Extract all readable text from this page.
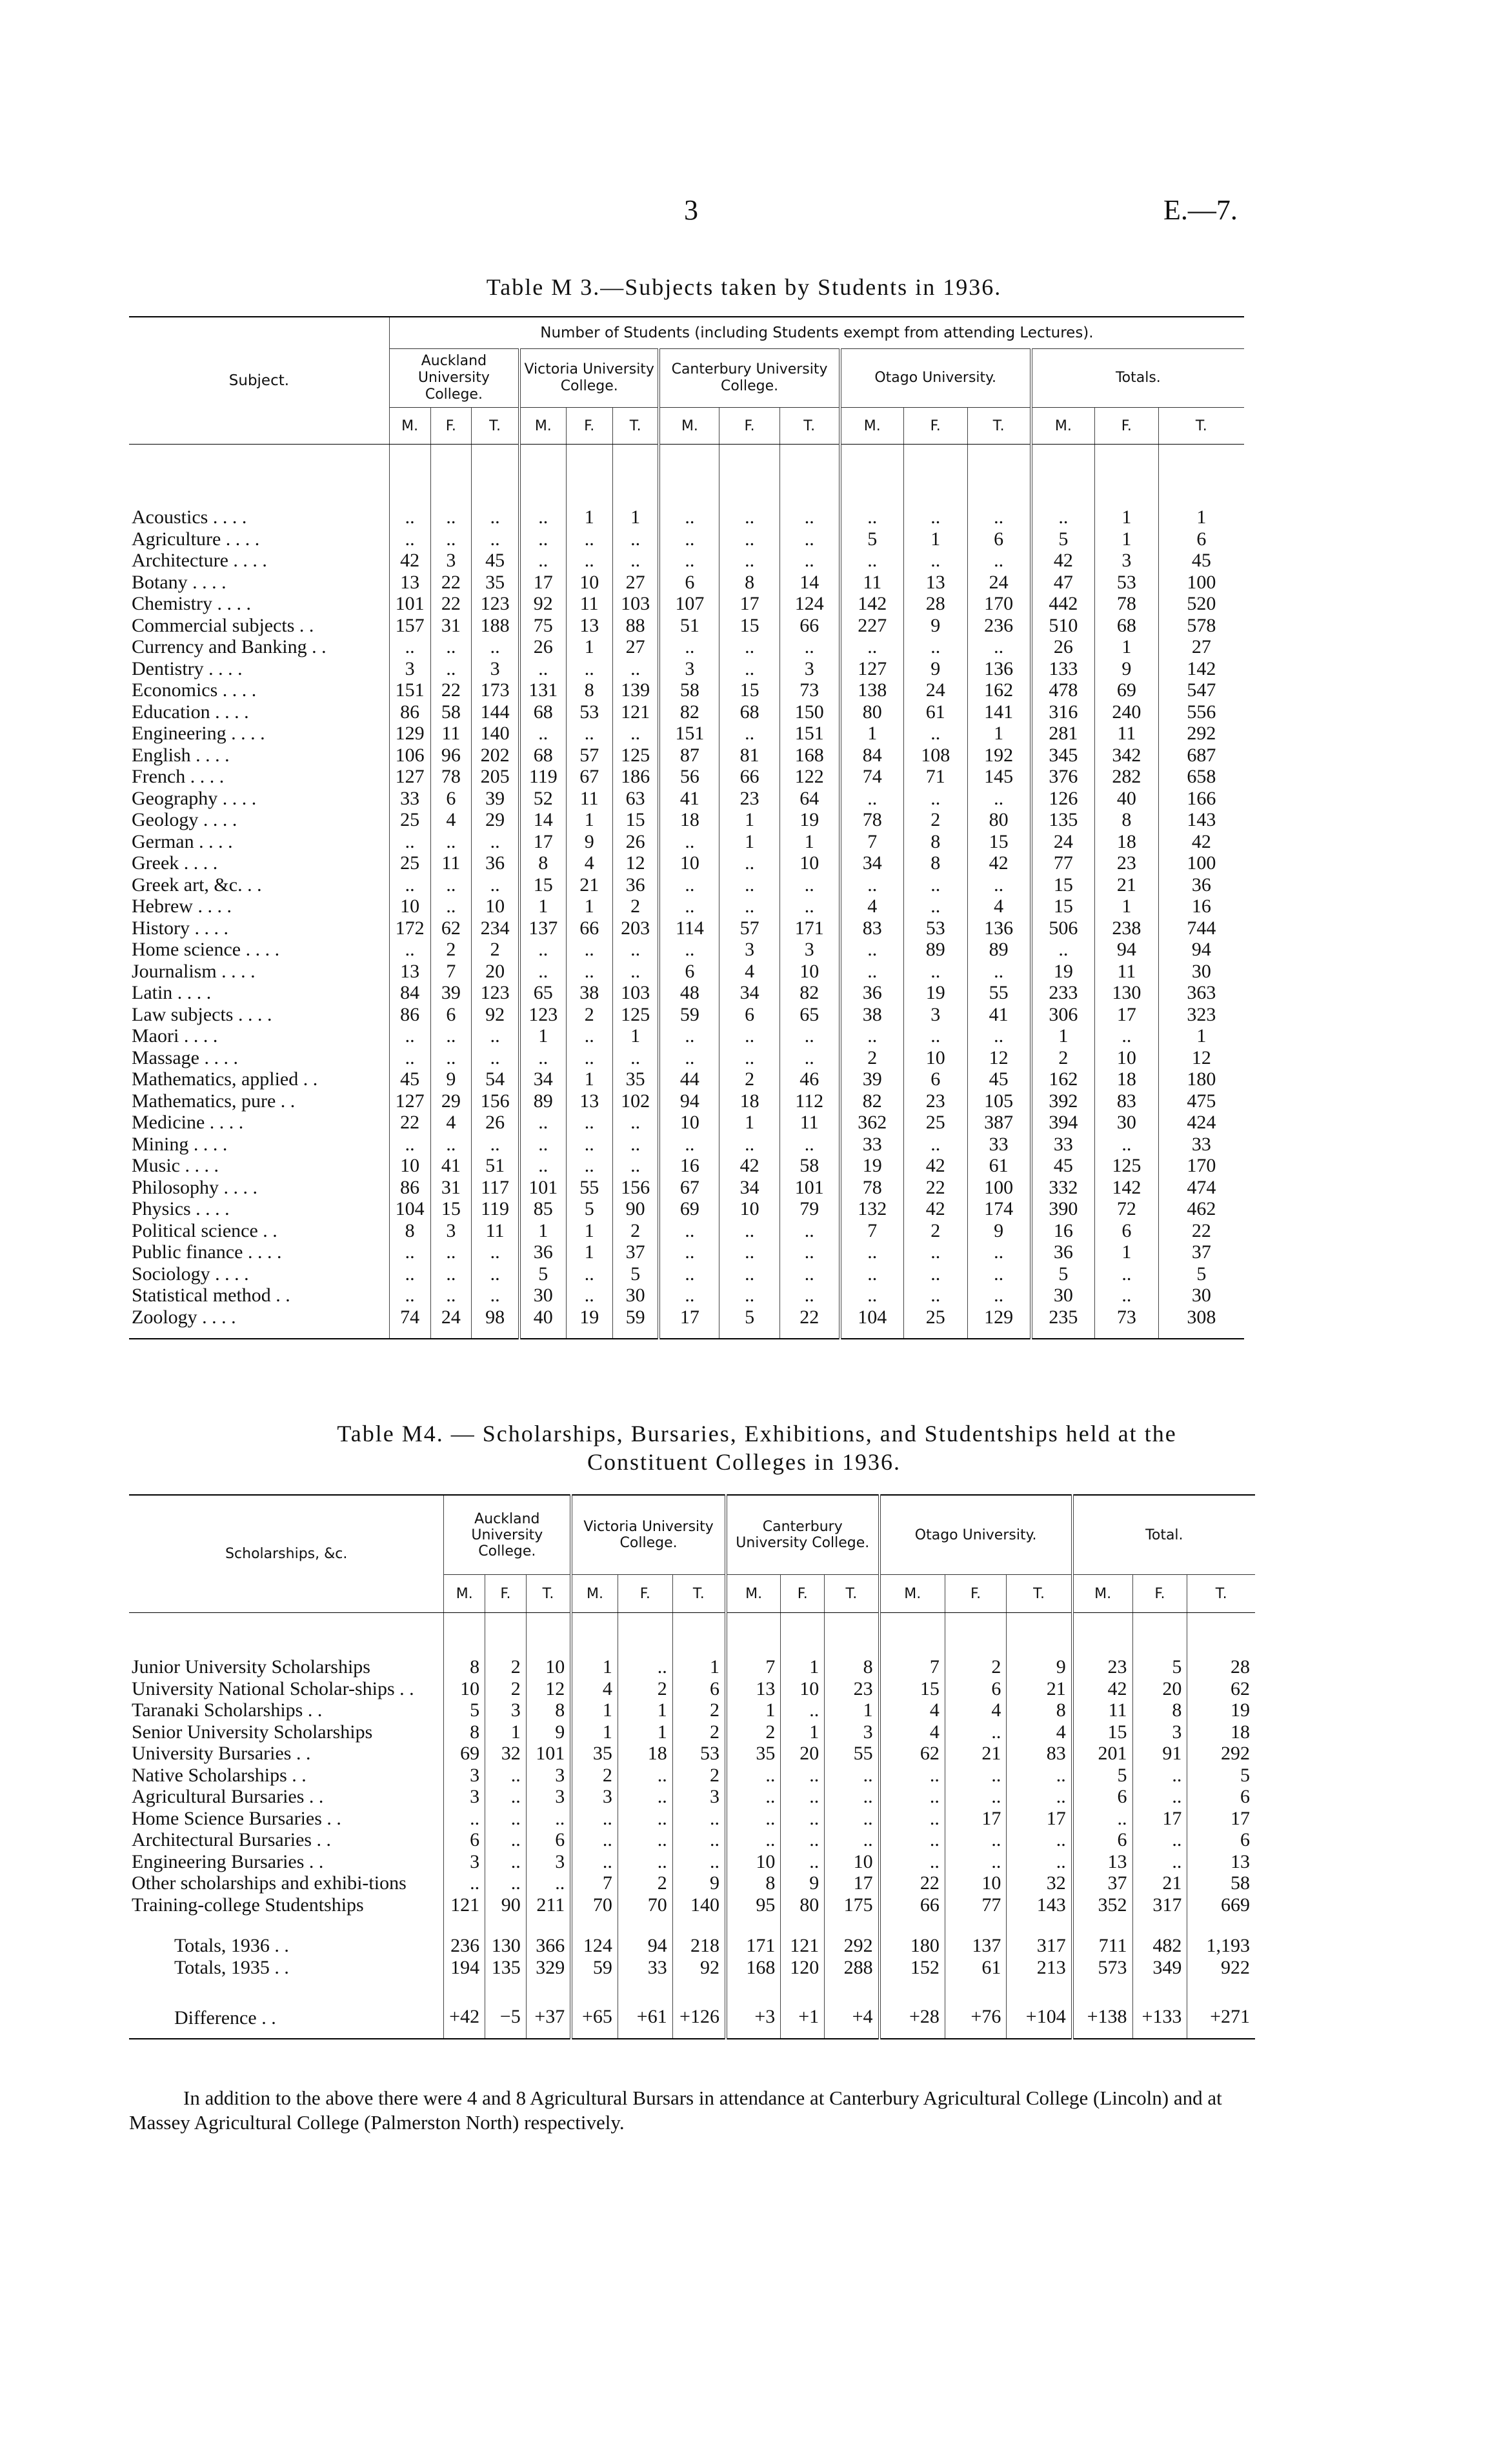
3	E.—7.
Table M 3.—Subjects taken by Students in 1936.
Subject.	Number of Students (including Students exempt from attending Lectures).														
	Auckland University College.			Victoria University College.			Canterbury University College.			Otago University.			Totals.		
	M.	F.	T.	M.	F.	T.	M.	F.	T.	M.	F.	T.	M.	F.	T.

Acoustics . . . .	..	..	..	..	1	1	..	..	..	..	..	..	..	1	1
Agriculture . . . .	..	..	..	..	..	..	..	..	..	5	1	6	5	1	6
Architecture . . . .	42	3	45	..	..	..	..	..	..	..	..	..	42	3	45
Botany . . . .	13	22	35	17	10	27	6	8	14	11	13	24	47	53	100
Chemistry . . . .	101	22	123	92	11	103	107	17	124	142	28	170	442	78	520
Commercial subjects . .	157	31	188	75	13	88	51	15	66	227	9	236	510	68	578
Currency and Banking . .	..	..	..	26	1	27	..	..	..	..	..	..	26	1	27
Dentistry . . . .	3	..	3	..	..	..	3	..	3	127	9	136	133	9	142
Economics . . . .	151	22	173	131	8	139	58	15	73	138	24	162	478	69	547
Education . . . .	86	58	144	68	53	121	82	68	150	80	61	141	316	240	556
Engineering . . . .	129	11	140	..	..	..	151	..	151	1	..	1	281	11	292
English . . . .	106	96	202	68	57	125	87	81	168	84	108	192	345	342	687
French . . . .	127	78	205	119	67	186	56	66	122	74	71	145	376	282	658
Geography . . . .	33	6	39	52	11	63	41	23	64	..	..	..	126	40	166
Geology . . . .	25	4	29	14	1	15	18	1	19	78	2	80	135	8	143
German . . . .	..	..	..	17	9	26	..	1	1	7	8	15	24	18	42
Greek . . . .	25	11	36	8	4	12	10	..	10	34	8	42	77	23	100
Greek art, &c. . .	..	..	..	15	21	36	..	..	..	..	..	..	15	21	36
Hebrew . . . .	10	..	10	1	1	2	..	..	..	4	..	4	15	1	16
History . . . .	172	62	234	137	66	203	114	57	171	83	53	136	506	238	744
Home science . . . .	..	2	2	..	..	..	..	3	3	..	89	89	..	94	94
Journalism . . . .	13	7	20	..	..	..	6	4	10	..	..	..	19	11	30
Latin . . . .	84	39	123	65	38	103	48	34	82	36	19	55	233	130	363
Law subjects . . . .	86	6	92	123	2	125	59	6	65	38	3	41	306	17	323
Maori . . . .	..	..	..	1	..	1	..	..	..	..	..	..	1	..	1
Massage . . . .	..	..	..	..	..	..	..	..	..	2	10	12	2	10	12
Mathematics, applied . .	45	9	54	34	1	35	44	2	46	39	6	45	162	18	180
Mathematics, pure . .	127	29	156	89	13	102	94	18	112	82	23	105	392	83	475
Medicine . . . .	22	4	26	..	..	..	10	1	11	362	25	387	394	30	424
Mining . . . .	..	..	..	..	..	..	..	..	..	33	..	33	33	..	33
Music . . . .	10	41	51	..	..	..	16	42	58	19	42	61	45	125	170
Philosophy . . . .	86	31	117	101	55	156	67	34	101	78	22	100	332	142	474
Physics . . . .	104	15	119	85	5	90	69	10	79	132	42	174	390	72	462
Political science . .	8	3	11	1	1	2	..	..	..	7	2	9	16	6	22
Public finance . . . .	..	..	..	36	1	37	..	..	..	..	..	..	36	1	37
Sociology . . . .	..	..	..	5	..	5	..	..	..	..	..	..	5	..	5
Statistical method . .	..	..	..	30	..	30	..	..	..	..	..	..	30	..	30
Zoology . . . .	74	24	98	40	19	59	17	5	22	104	25	129	235	73	308
Table M4. — Scholarships, Bursaries, Exhibitions, and Studentships held at the
Constituent Colleges in 1936.
Scholarships, &c.	Auckland University College.			Victoria University College.			Canterbury University College.			Otago University.			Total.		
	M.	F.	T.	M.	F.	T.	M.	F.	T.	M.	F.	T.	M.	F.	T.

Junior University Scholarships	8	2	10	1	..	1	7	1	8	7	2	9	23	5	28
University National Scholar-ships . .	10	2	12	4	2	6	13	10	23	15	6	21	42	20	62
Taranaki Scholarships . .	5	3	8	1	1	2	1	..	1	4	4	8	11	8	19
Senior University Scholarships	8	1	9	1	1	2	2	1	3	4	..	4	15	3	18
University Bursaries . .	69	32	101	35	18	53	35	20	55	62	21	83	201	91	292
Native Scholarships . .	3	..	3	2	..	2	..	..	..	..	..	..	5	..	5
Agricultural Bursaries . .	3	..	3	3	..	3	..	..	..	..	..	..	6	..	6
Home Science Bursaries . .	..	..	..	..	..	..	..	..	..	..	17	17	..	17	17
Architectural Bursaries . .	6	..	6	..	..	..	..	..	..	..	..	..	6	..	6
Engineering Bursaries . .	3	..	3	..	..	..	10	..	10	..	..	..	13	..	13
Other scholarships and exhibi-tions	..	..	..	7	2	9	8	9	17	22	10	32	37	21	58
Training-college Studentships	121	90	211	70	70	140	95	80	175	66	77	143	352	317	669

Totals, 1936 . .	236	130	366	124	94	218	171	121	292	180	137	317	711	482	1,193
Totals, 1935 . .	194	135	329	59	33	92	168	120	288	152	61	213	573	349	922

Difference . .	+42	−5	+37	+65	+61	+126	+3	+1	+4	+28	+76	+104	+138	+133	+271
In addition to the above there were 4 and 8 Agricultural Bursars in attendance at Canterbury Agricultural College (Lincoln) and at Massey Agricultural College (Palmerston North) respectively.
